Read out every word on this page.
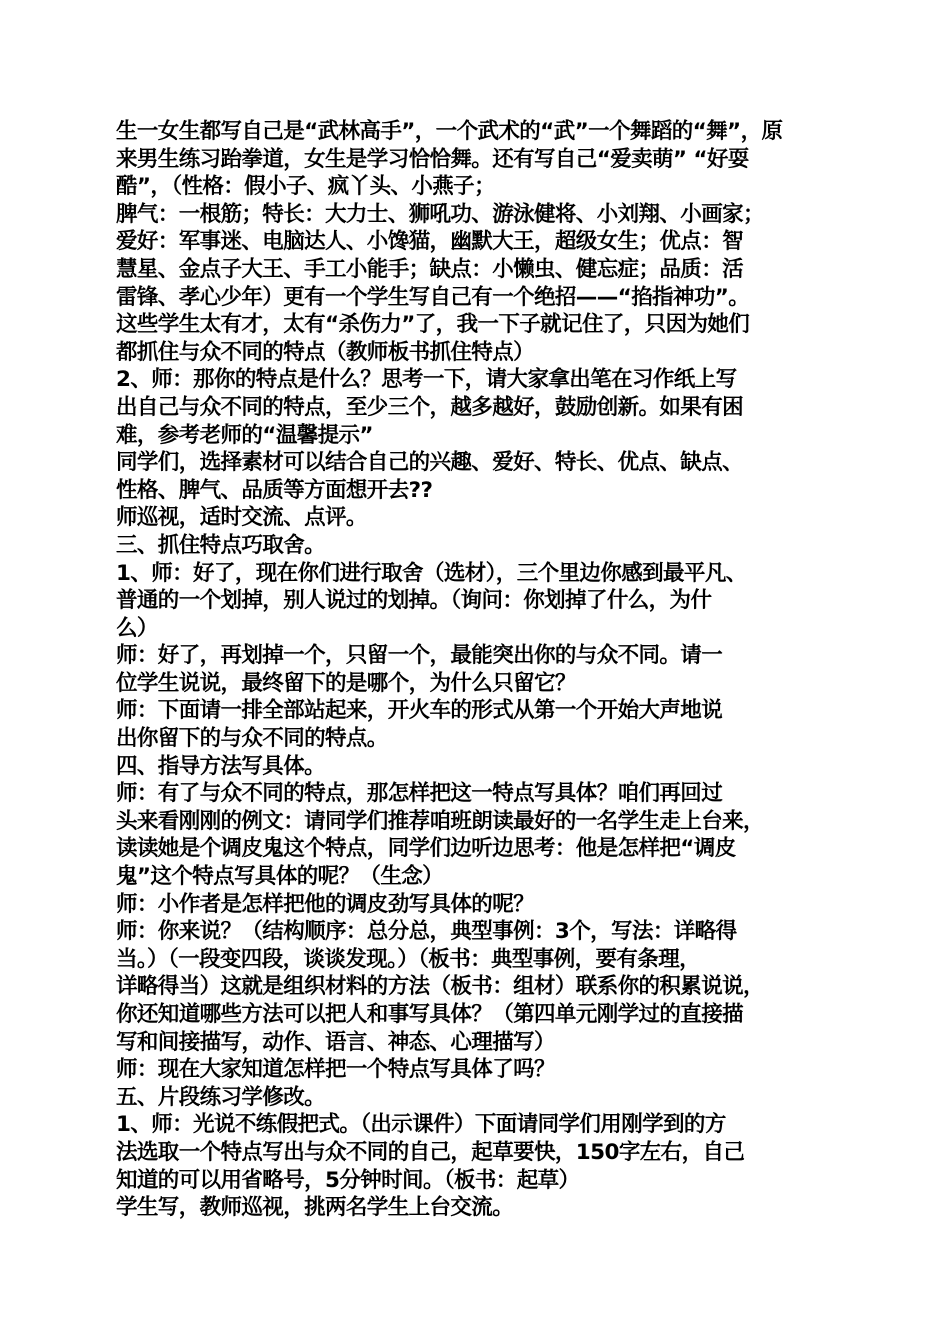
生一女生都写自己是“武林高手”，一个武术的“武”一个舞蹈的“舞”，原
来男生练习跆拳道，女生是学习恰恰舞。还有写自己“爱卖萌” “好耍
酷”，（性格：假小子、疯丫头、小燕子；
脾气：一根筋；特长：大力士、狮吼功、游泳健将、小刘翔、小画家；
爱好：军事迷、电脑达人、小馋猫，幽默大王，超级女生；优点：智
慧星、金点子大王、手工小能手；缺点：小懒虫、健忘症；品质：活
雷锋、孝心少年）更有一个学生写自己有一个绝招——“掐指神功”。
这些学生太有才，太有“杀伤力”了，我一下子就记住了，只因为她们
都抓住与众不同的特点（教师板书抓住特点）
2、师：那你的特点是什么？思考一下，请大家拿出笔在习作纸上写
出自己与众不同的特点，至少三个，越多越好，鼓励创新。如果有困
难，参考老师的“温馨提示”
同学们，选择素材可以结合自己的兴趣、爱好、特长、优点、缺点、
性格、脾气、品质等方面想开去??
师巡视，适时交流、点评。
三、抓住特点巧取舍。
1、师：好了，现在你们进行取舍（选材），三个里边你感到最平凡、
普通的一个划掉，别人说过的划掉。（询问：你划掉了什么，为什
么）
师：好了，再划掉一个，只留一个，最能突出你的与众不同。请一
位学生说说，最终留下的是哪个，为什么只留它？
师：下面请一排全部站起来，开火车的形式从第一个开始大声地说
出你留下的与众不同的特点。
四、指导方法写具体。
师：有了与众不同的特点，那怎样把这一特点写具体？咱们再回过
头来看刚刚的例文：请同学们推荐咱班朗读最好的一名学生走上台来，
读读她是个调皮鬼这个特点，同学们边听边思考：他是怎样把“调皮
鬼”这个特点写具体的呢？（生念）
师：小作者是怎样把他的调皮劲写具体的呢？
师：你来说？（结构顺序：总分总，典型事例：3个，写法：详略得
当。）（一段变四段，谈谈发现。）（板书：典型事例，要有条理，
详略得当）这就是组织材料的方法（板书：组材）联系你的积累说说，
你还知道哪些方法可以把人和事写具体？（第四单元刚学过的直接描
写和间接描写，动作、语言、神态、心理描写）
师：现在大家知道怎样把一个特点写具体了吗？
五、片段练习学修改。
1、师：光说不练假把式。（出示课件）下面请同学们用刚学到的方
法选取一个特点写出与众不同的自己，起草要快，150字左右，自己
知道的可以用省略号，5分钟时间。（板书：起草）
学生写，教师巡视，挑两名学生上台交流。
